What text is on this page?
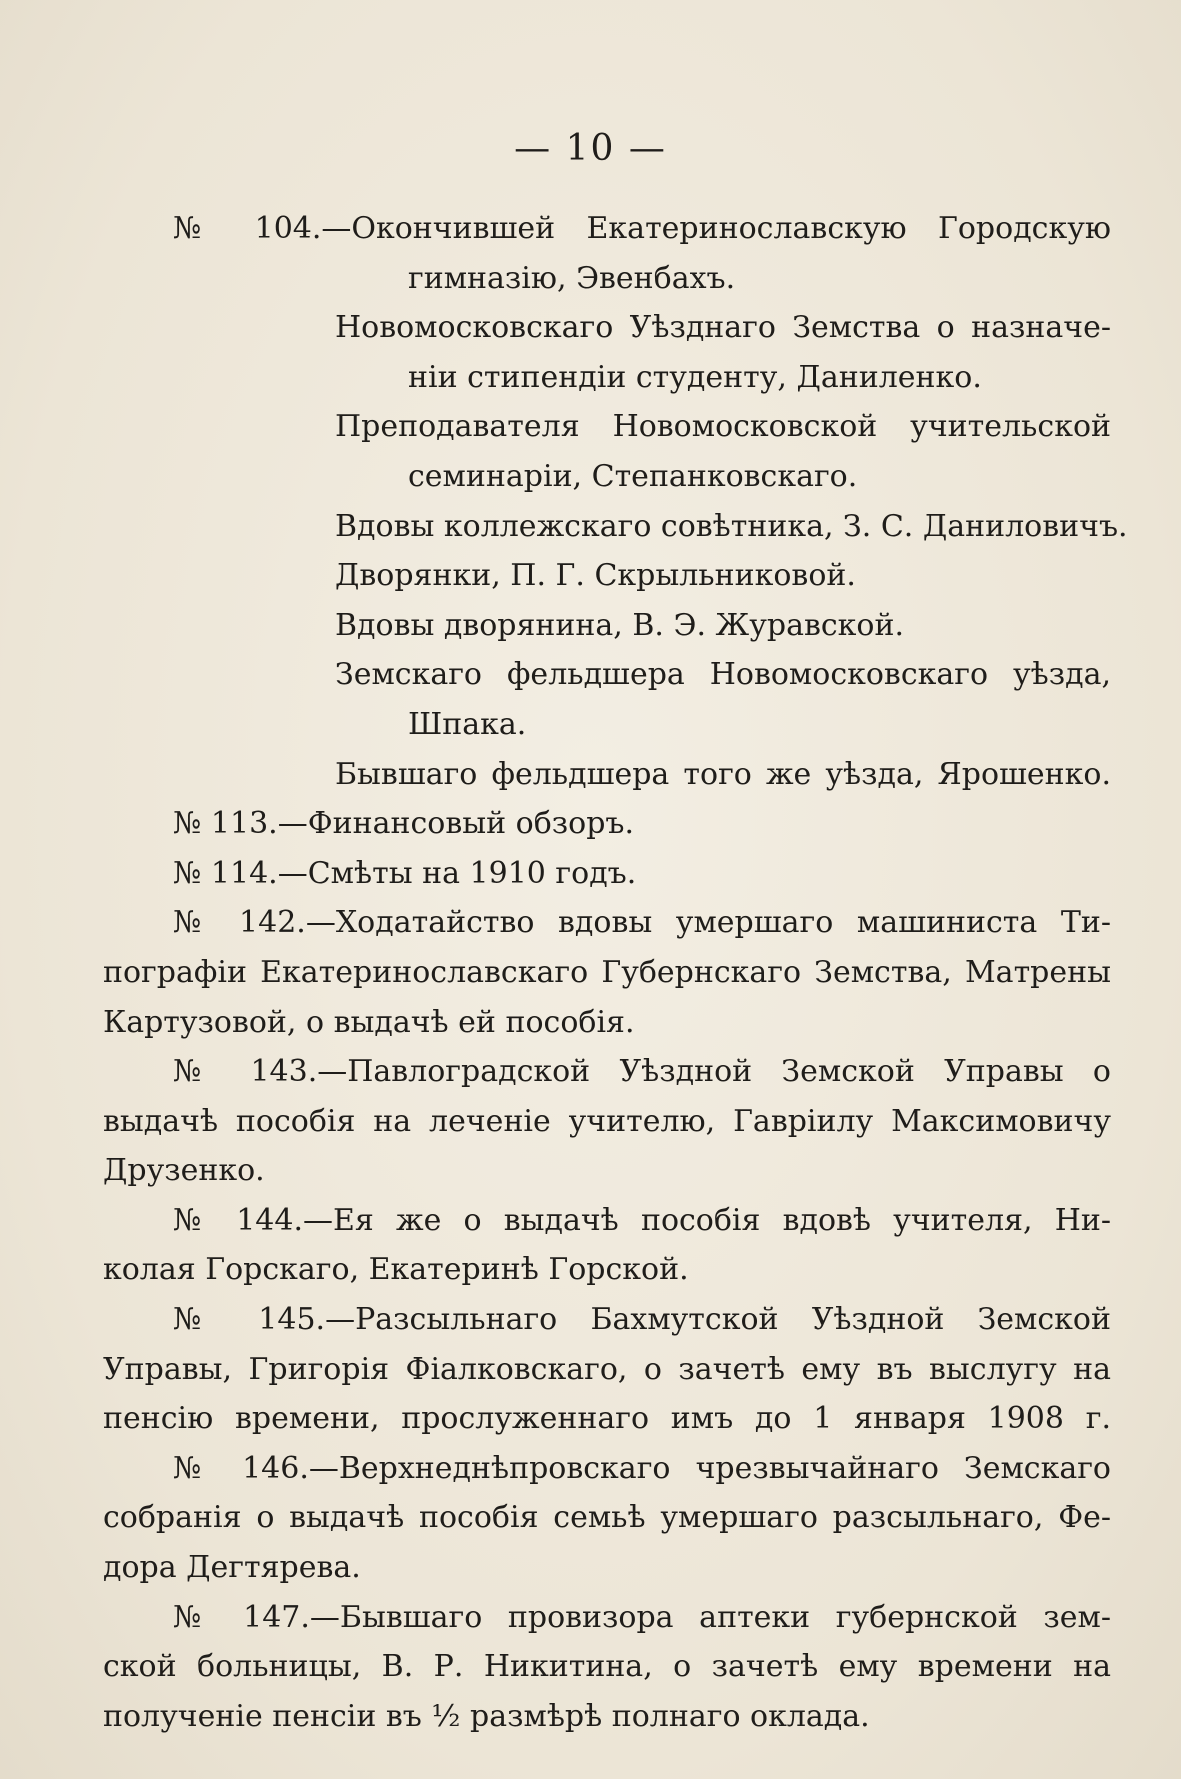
— 10 —
№ 104.—Окончившей Екатеринославскую Городскую
гимназію, Эвенбахъ.
Новомосковскаго Уѣзднаго Земства о назначе-
ніи стипендіи студенту, Даниленко.
Преподавателя Новомосковской учительской
семинаріи, Степанковскаго.
Вдовы коллежскаго совѣтника, З. С. Даниловичъ.
Дворянки, П. Г. Скрыльниковой.
Вдовы дворянина, В. Э. Журавской.
Земскаго фельдшера Новомосковскаго уѣзда,
Шпака.
Бывшаго фельдшера того же уѣзда, Ярошенко.
№ 113.—Финансовый обзоръ.
№ 114.—Смѣты на 1910 годъ.
№ 142.—Ходатайство вдовы умершаго машиниста Ти-
пографіи Екатеринославскаго Губернскаго Земства, Матрены
Картузовой, о выдачѣ ей пособія.
№ 143.—Павлоградской Уѣздной Земской Управы о
выдачѣ пособія на леченіе учителю, Гавріилу Максимовичу
Друзенко.
№ 144.—Ея же о выдачѣ пособія вдовѣ учителя, Ни-
колая Горскаго, Екатеринѣ Горской.
№ 145.—Разсыльнаго Бахмутской Уѣздной Земской
Управы, Григорія Фіалковскаго, о зачетѣ ему въ выслугу на
пенсію времени, прослуженнаго имъ до 1 января 1908 г.
№ 146.—Верхнеднѣпровскаго чрезвычайнаго Земскаго
собранія о выдачѣ пособія семьѣ умершаго разсыльнаго, Фе-
дора Дегтярева.
№ 147.—Бывшаго провизора аптеки губернской зем-
ской больницы, В. Р. Никитина, о зачетѣ ему времени на
полученіе пенсіи въ ½ размѣрѣ полнаго оклада.
